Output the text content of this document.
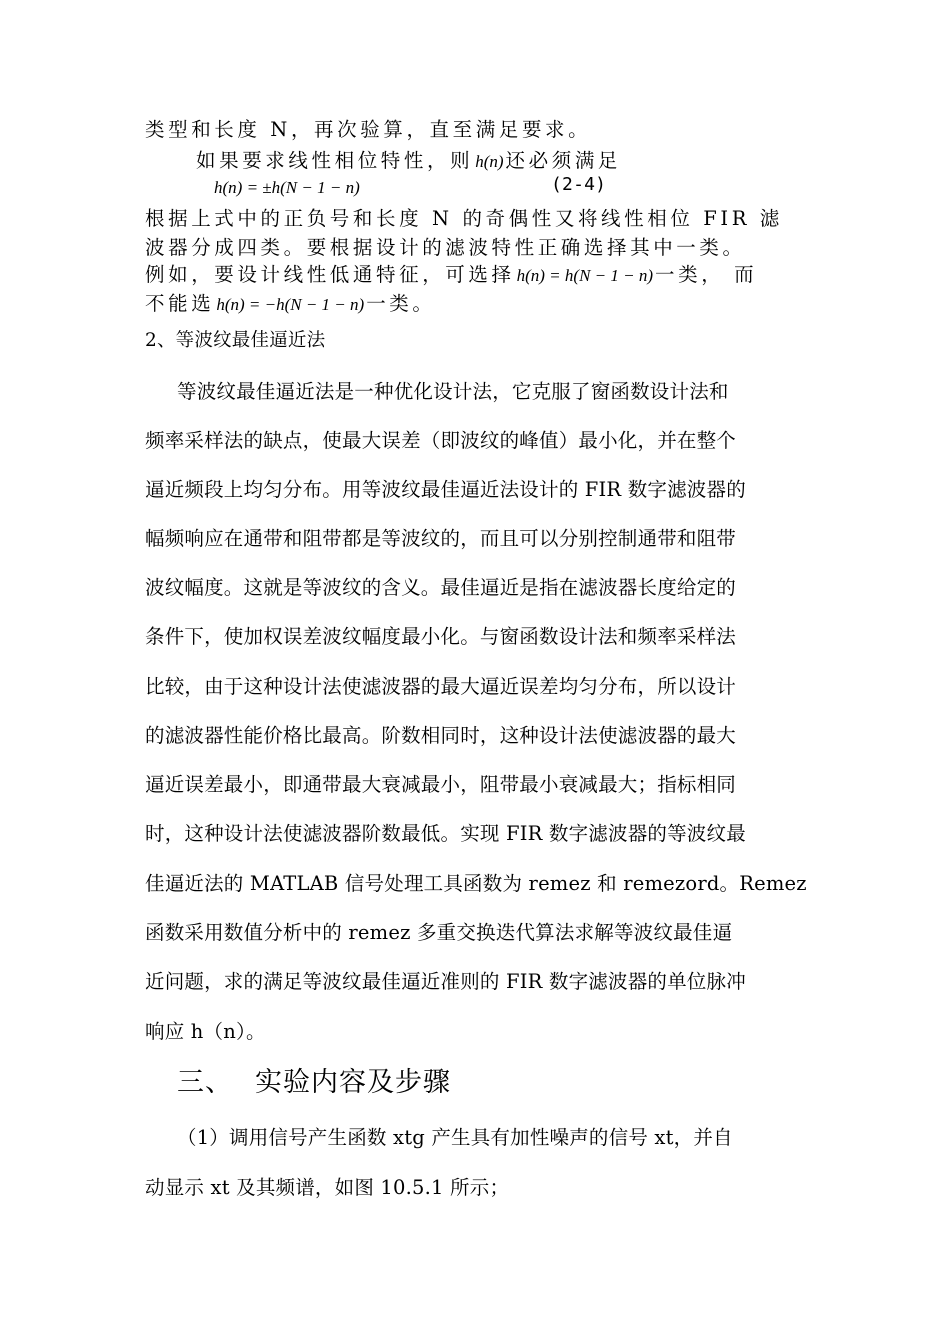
类型和长度 N，再次验算，直至满足要求。
如果要求线性相位特性，则 h(n) 还必须满足
h(n) = ±h(N − 1 − n)	(2-4)
根据上式中的正负号和长度 N 的奇偶性又将线性相位 FIR 滤
波器分成四类。要根据设计的滤波特性正确选择其中一类。
例如，要设计线性低通特征，可选择 h(n) = h(N − 1 − n) 一类， 而
不能选 h(n) = −h(N − 1 − n) 一类。
2、等波纹最佳逼近法
等波纹最佳逼近法是一种优化设计法，它克服了窗函数设计法和
频率采样法的缺点，使最大误差（即波纹的峰值）最小化，并在整个
逼近频段上均匀分布。用等波纹最佳逼近法设计的 FIR 数字滤波器的
幅频响应在通带和阻带都是等波纹的，而且可以分别控制通带和阻带
波纹幅度。这就是等波纹的含义。最佳逼近是指在滤波器长度给定的
条件下，使加权误差波纹幅度最小化。与窗函数设计法和频率采样法
比较，由于这种设计法使滤波器的最大逼近误差均匀分布，所以设计
的滤波器性能价格比最高。阶数相同时，这种设计法使滤波器的最大
逼近误差最小，即通带最大衰减最小，阻带最小衰减最大；指标相同
时，这种设计法使滤波器阶数最低。实现 FIR 数字滤波器的等波纹最
佳逼近法的 MATLAB 信号处理工具函数为 remez 和 remezord。Remez
函数采用数值分析中的 remez 多重交换迭代算法求解等波纹最佳逼
近问题，求的满足等波纹最佳逼近准则的 FIR 数字滤波器的单位脉冲
响应 h（n）。
三、 实验内容及步骤
（1）调用信号产生函数 xtg 产生具有加性噪声的信号 xt，并自
动显示 xt 及其频谱，如图 10.5.1 所示；
